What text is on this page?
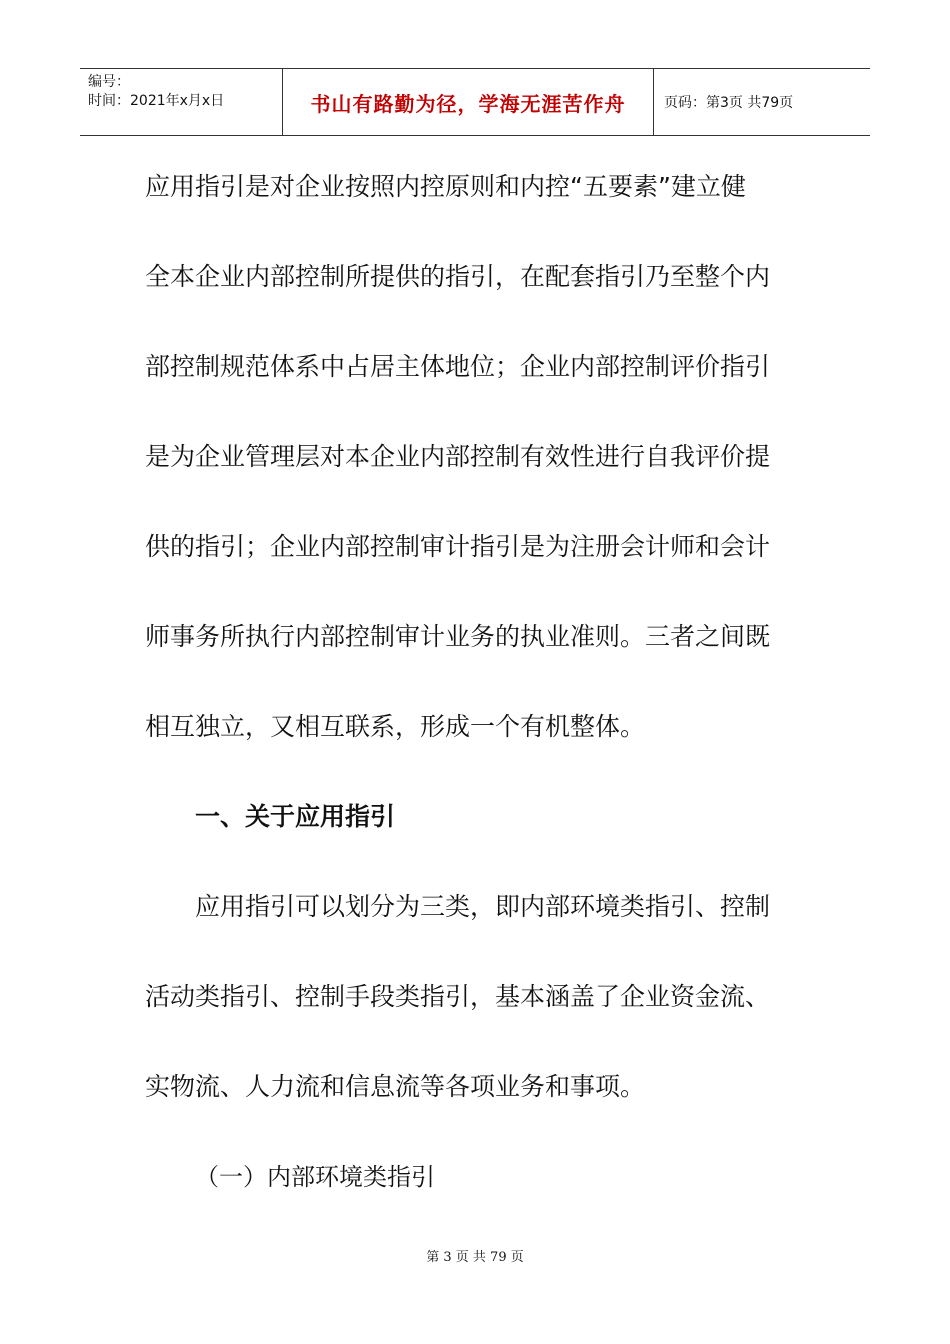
编号：
时间：2021年x月x日	书山有路勤为径，学海无涯苦作舟	页码：第3页 共79页
应用指引是对企业按照内控原则和内控“五要素”建立健
全本企业内部控制所提供的指引，在配套指引乃至整个内
部控制规范体系中占居主体地位；企业内部控制评价指引
是为企业管理层对本企业内部控制有效性进行自我评价提
供的指引；企业内部控制审计指引是为注册会计师和会计
师事务所执行内部控制审计业务的执业准则。三者之间既
相互独立，又相互联系，形成一个有机整体。
一、关于应用指引
应用指引可以划分为三类，即内部环境类指引、控制
活动类指引、控制手段类指引，基本涵盖了企业资金流、
实物流、人力流和信息流等各项业务和事项。
（一）内部环境类指引
第 3 页 共 79 页
